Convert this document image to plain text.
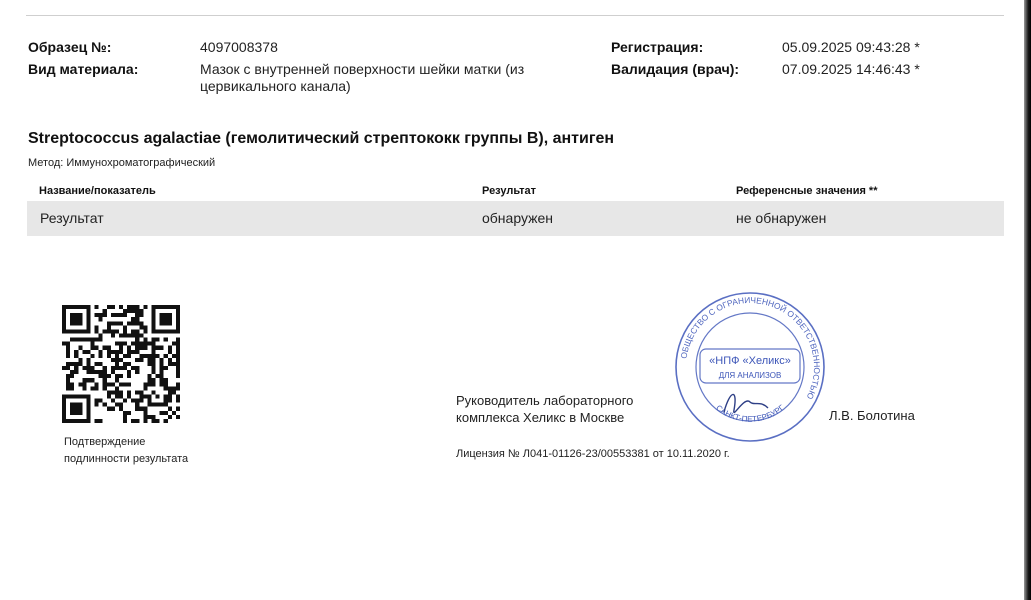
Образец №:	4097008378
Вид материала:	Мазок с внутренней поверхности шейки матки (из
цервикального канала)
Регистрация:	05.09.2025 09:43:28 *
Валидация (врач):	07.09.2025 14:46:43 *
Streptococcus agalactiae (гемолитический стрептококк группы В), антиген
Метод: Иммунохроматографический
Название/показатель	Результат	Референсные значения **
Результат	обнаружен	не обнаружен
Подтверждение
подлинности результата
Руководитель лабораторного
комплекса Хеликс в Москве
Лицензия № Л041-01126-23/00553381 от 10.11.2020 г.
Л.В. Болотина
ОБЩЕСТВО С ОГРАНИЧЕННОЙ ОТВЕТСТВЕННОСТЬЮ
«НПФ «Хеликс»
ДЛЯ АНАЛИЗОВ
САНКТ-ПЕТЕРБУРГ
